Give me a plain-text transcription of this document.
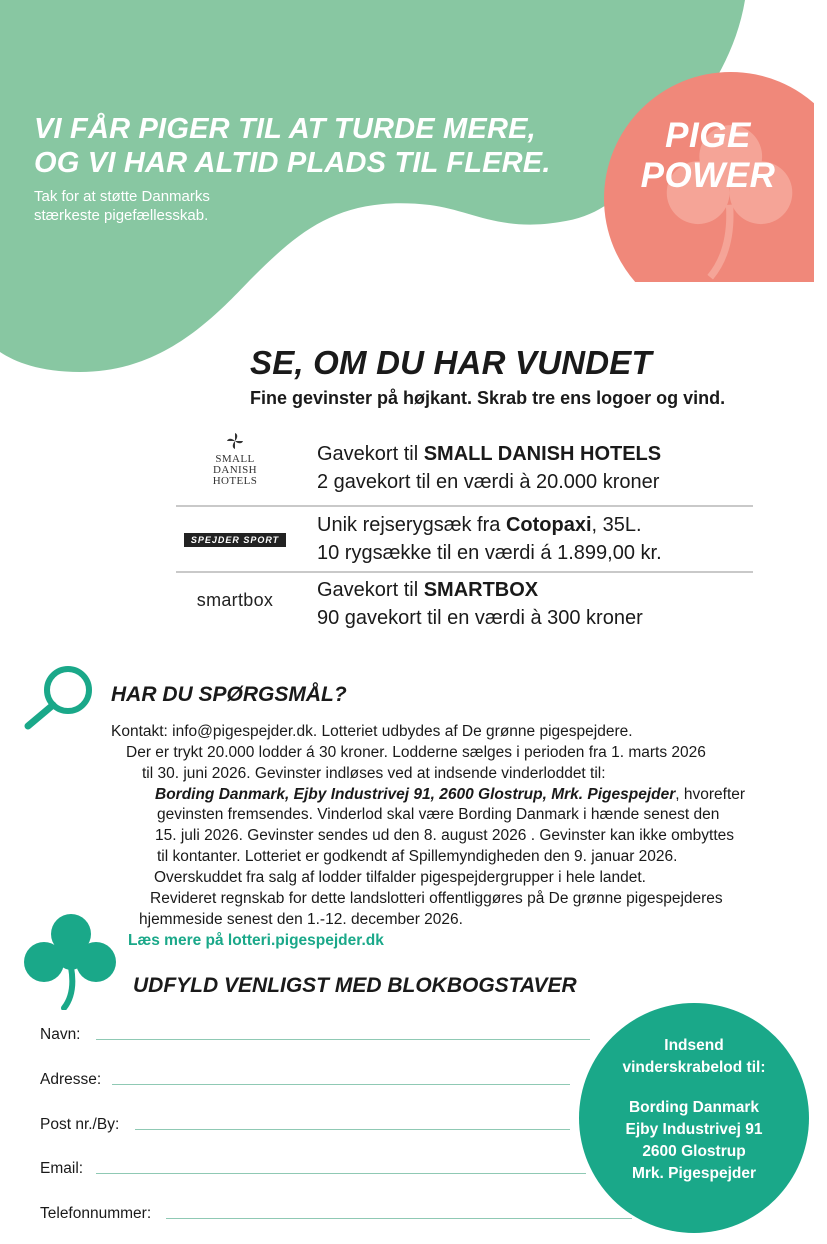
VI FÅR PIGER TIL AT TURDE MERE,
OG VI HAR ALTID PLADS TIL FLERE.
Tak for at støtte Danmarks
stærkeste pigefællesskab.
PIGE
POWER
SE, OM DU HAR VUNDET
Fine gevinster på højkant. Skrab tre ens logoer og vind.
SMALL
DANISH
HOTELS
Gavekort til SMALL DANISH HOTELS
2 gavekort til en værdi à 20.000 kroner
SPEJDER SPORT
Unik rejserygsæk fra Cotopaxi, 35L.
10 rygsække til en værdi á 1.899,00 kr.
smartbox	Gavekort til SMARTBOX
90 gavekort til en værdi à 300 kroner
HAR DU SPØRGSMÅL?
Kontakt: info@pigespejder.dk. Lotteriet udbydes af De grønne pigespejdere.
Der er trykt 20.000 lodder á 30 kroner. Lodderne sælges i perioden fra 1. marts 2026
til 30. juni 2026. Gevinster indløses ved at indsende vinderloddet til:
Bording Danmark, Ejby Industrivej 91, 2600 Glostrup, Mrk. Pigespejder, hvorefter
gevinsten fremsendes. Vinderlod skal være Bording Danmark i hænde senest den
15. juli 2026. Gevinster sendes ud den 8. august 2026 . Gevinster kan ikke ombyttes
til kontanter. Lotteriet er godkendt af Spillemyndigheden den 9. januar 2026.
Overskuddet fra salg af lodder tilfalder pigespejdergrupper i hele landet.
Revideret regnskab for dette landslotteri offentliggøres på De grønne pigespejderes
hjemmeside senest den 1.-12. december 2026.
Læs mere på lotteri.pigespejder.dk
UDFYLD VENLIGST MED BLOKBOGSTAVER
Navn:
Adresse:
Post nr./By:
Email:
Telefonnummer:
Indsend
vinderskrabelod til:
Bording Danmark
Ejby Industrivej 91
2600 Glostrup
Mrk. Pigespejder
